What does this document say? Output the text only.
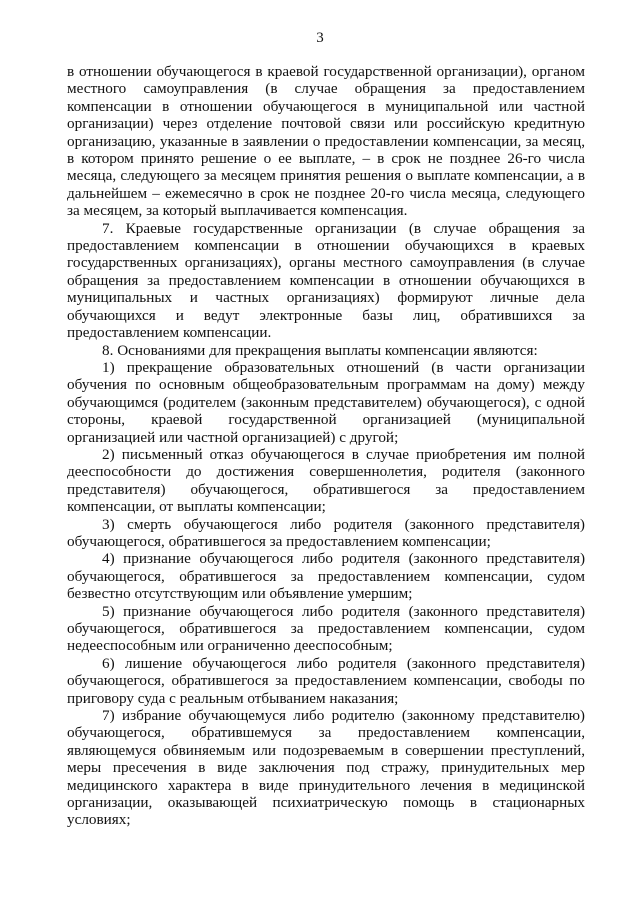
3

в отношении обучающегося в краевой государственной организации), органом местного самоуправления (в случае обращения за предоставлением компенсации в отношении обучающегося в муниципальной или частной организации) через отделение почтовой связи или российскую кредитную организацию, указанные в заявлении о предоставлении компенсации, за месяц, в котором принято решение о ее выплате, – в срок не позднее 26-го числа месяца, следующего за месяцем принятия решения о выплате компенсации, а в дальнейшем – ежемесячно в срок не позднее 20-го числа месяца, следующего за месяцем, за который выплачивается компенсация.

7. Краевые государственные организации (в случае обращения за предоставлением компенсации в отношении обучающихся в краевых государственных организациях), органы местного самоуправления (в случае обращения за предоставлением компенсации в отношении обучающихся в муниципальных и частных организациях) формируют личные дела обучающихся и ведут электронные базы лиц, обратившихся за предоставлением компенсации.

8. Основаниями для прекращения выплаты компенсации являются:

1) прекращение образовательных отношений (в части организации обучения по основным общеобразовательным программам на дому) между обучающимся (родителем (законным представителем) обучающегося), с одной стороны, краевой государственной организацией (муниципальной организацией или частной организацией) с другой;

2) письменный отказ обучающегося в случае приобретения им полной дееспособности до достижения совершеннолетия, родителя (законного представителя) обучающегося, обратившегося за предоставлением компенсации, от выплаты компенсации;

3) смерть обучающегося либо родителя (законного представителя) обучающегося, обратившегося за предоставлением компенсации;

4) признание обучающегося либо родителя (законного представителя) обучающегося, обратившегося за предоставлением компенсации, судом безвестно отсутствующим или объявление умершим;

5) признание обучающегося либо родителя (законного представителя) обучающегося, обратившегося за предоставлением компенсации, судом недееспособным или ограниченно дееспособным;

6) лишение обучающегося либо родителя (законного представителя) обучающегося, обратившегося за предоставлением компенсации, свободы по приговору суда с реальным отбыванием наказания;

7) избрание обучающемуся либо родителю (законному представителю) обучающегося, обратившемуся за предоставлением компенсации, являющемуся обвиняемым или подозреваемым в совершении преступлений, меры пресечения в виде заключения под стражу, принудительных мер медицинского характера в виде принудительного лечения в медицинской организации, оказывающей психиатрическую помощь в стационарных условиях;
